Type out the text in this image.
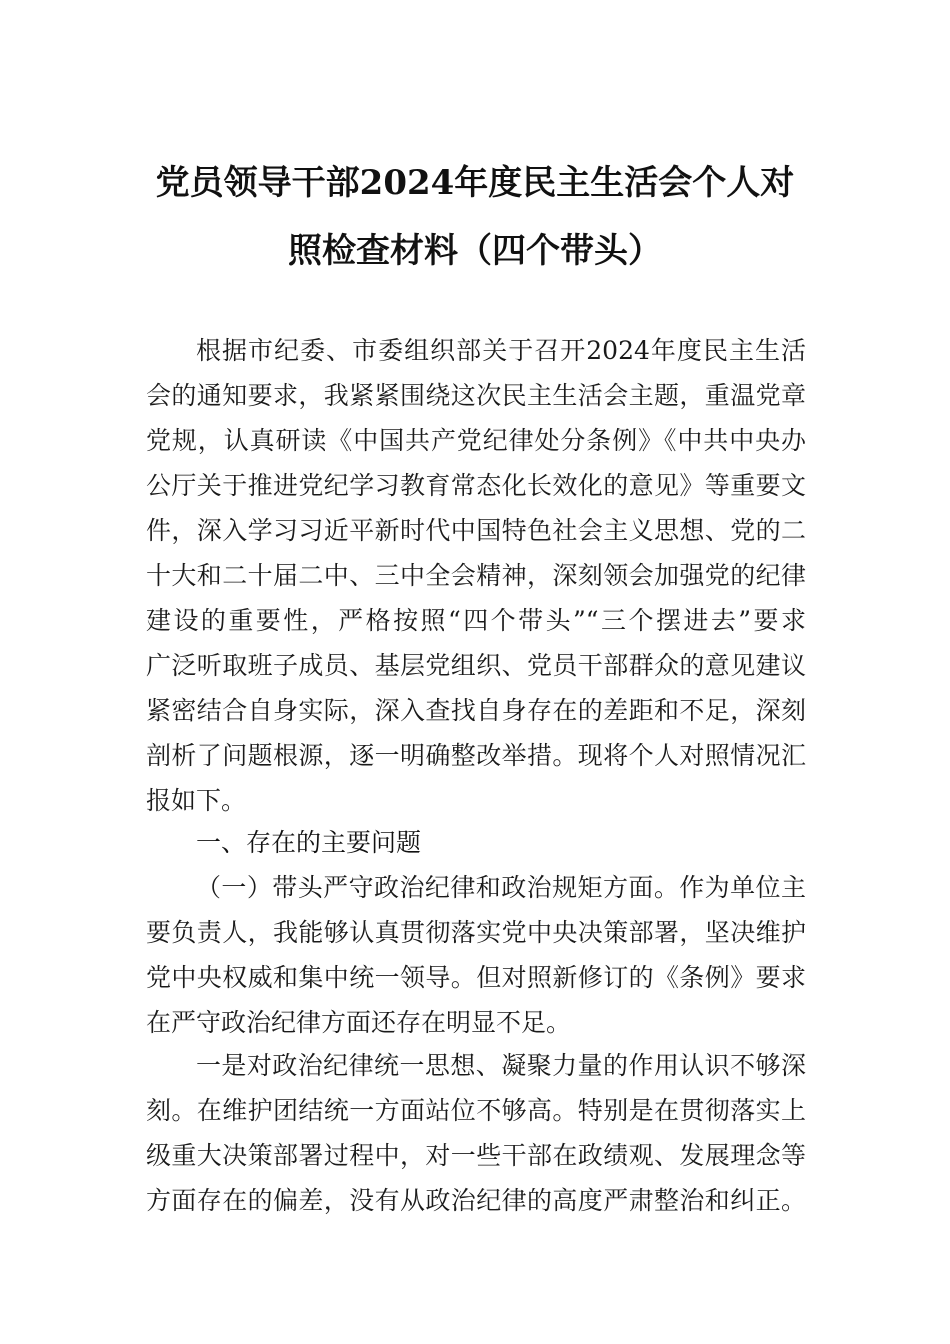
党员领导干部2024年度民主生活会个人对
照检查材料（四个带头）

根据市纪委、市委组织部关于召开2024年度民主生活

会的通知要求，我紧紧围绕这次民主生活会主题，重温党章

党规，认真研读《中国共产党纪律处分条例》《中共中央办

公厅关于推进党纪学习教育常态化长效化的意见》等重要文

件，深入学习习近平新时代中国特色社会主义思想、党的二

十大和二十届二中、三中全会精神，深刻领会加强党的纪律

建设的重要性，严格按照“四个带头”“三个摆进去”要求

广泛听取班子成员、基层党组织、党员干部群众的意见建议

紧密结合自身实际，深入查找自身存在的差距和不足，深刻

剖析了问题根源，逐一明确整改举措。现将个人对照情况汇

报如下。

一、存在的主要问题

（一）带头严守政治纪律和政治规矩方面。作为单位主

要负责人，我能够认真贯彻落实党中央决策部署，坚决维护

党中央权威和集中统一领导。但对照新修订的《条例》要求

在严守政治纪律方面还存在明显不足。

一是对政治纪律统一思想、凝聚力量的作用认识不够深

刻。在维护团结统一方面站位不够高。特别是在贯彻落实上

级重大决策部署过程中，对一些干部在政绩观、发展理念等

方面存在的偏差，没有从政治纪律的高度严肃整治和纠正。
